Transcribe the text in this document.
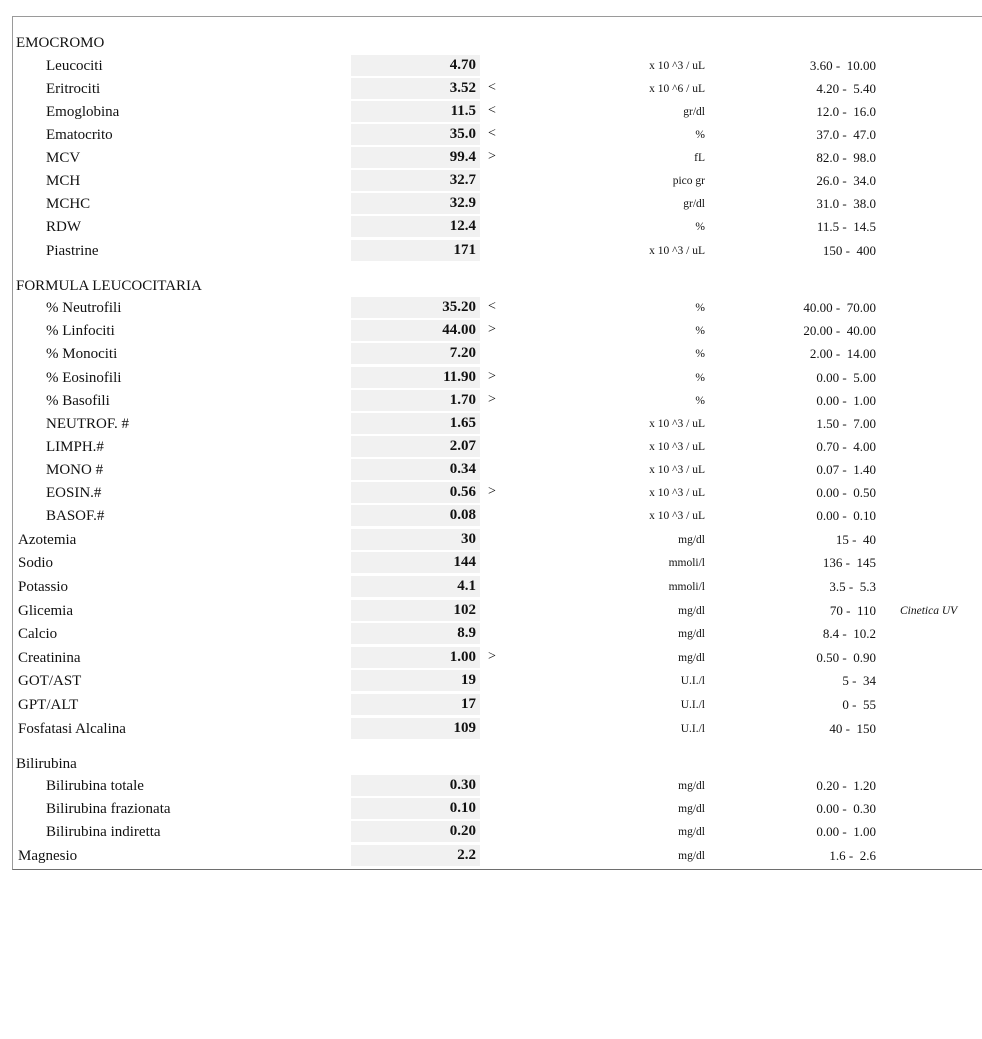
EMOCROMO
Leucociti	4.70	x 10 ^3 / uL	3.60 -  10.00
Eritrociti	3.52 <	x 10 ^6 / uL	4.20 -  5.40
Emoglobina	11.5 <	gr/dl	12.0 -  16.0
Ematocrito	35.0 <	%	37.0 -  47.0
MCV	99.4 >	fL	82.0 -  98.0
MCH	32.7	pico gr	26.0 -  34.0
MCHC	32.9	gr/dl	31.0 -  38.0
RDW	12.4	%	11.5 -  14.5
Piastrine	171	x 10 ^3 / uL	150 -  400
FORMULA LEUCOCITARIA
% Neutrofili	35.20 <	%	40.00 -  70.00
% Linfociti	44.00 >	%	20.00 -  40.00
% Monociti	7.20	%	2.00 -  14.00
% Eosinofili	11.90 >	%	0.00 -  5.00
% Basofili	1.70 >	%	0.00 -  1.00
NEUTROF. #	1.65	x 10 ^3 / uL	1.50 -  7.00
LIMPH.#	2.07	x 10 ^3 / uL	0.70 -  4.00
MONO #	0.34	x 10 ^3 / uL	0.07 -  1.40
EOSIN.#	0.56 >	x 10 ^3 / uL	0.00 -  0.50
BASOF.#	0.08	x 10 ^3 / uL	0.00 -  0.10
Azotemia	30	mg/dl	15 -  40
Sodio	144	mmoli/l	136 -  145
Potassio	4.1	mmoli/l	3.5 -  5.3
Glicemia	102	mg/dl	70 -  110 Cinetica UV
Calcio	8.9	mg/dl	8.4 -  10.2
Creatinina	1.00 >	mg/dl	0.50 -  0.90
GOT/AST	19	U.I./l	5 -  34
GPT/ALT	17	U.I./l	0 -  55
Fosfatasi Alcalina	109	U.I./l	40 -  150
Bilirubina
Bilirubina totale	0.30	mg/dl	0.20 -  1.20
Bilirubina frazionata	0.10	mg/dl	0.00 -  0.30
Bilirubina indiretta	0.20	mg/dl	0.00 -  1.00
Magnesio	2.2	mg/dl	1.6 -  2.6
